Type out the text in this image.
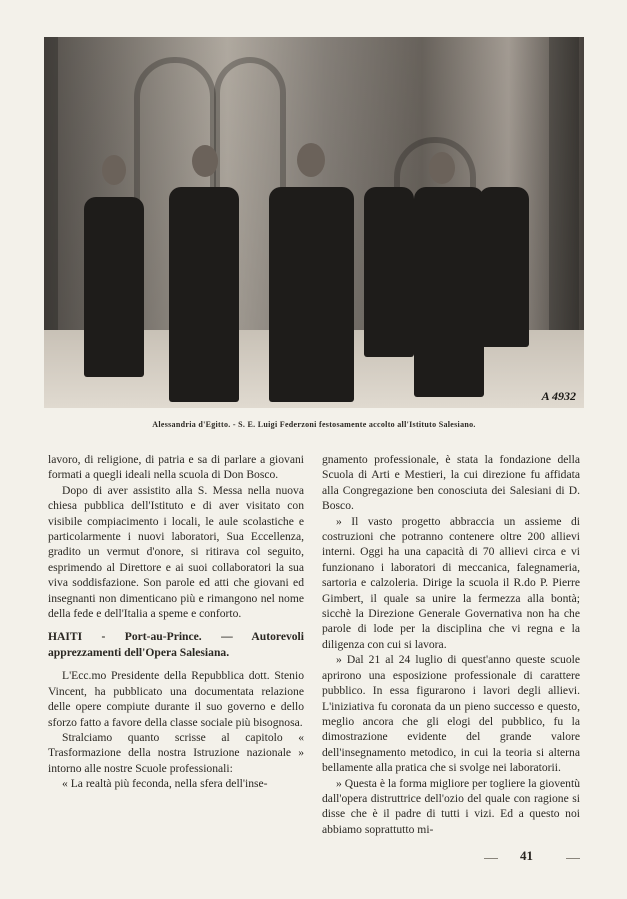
A 4932
Alessandria d'Egitto. - S. E. Luigi Federzoni festosamente accolto all'Istituto Salesiano.

lavoro, di religione, di patria e sa di parlare a giovani formati a quegli ideali nella scuola di Don Bosco.

Dopo di aver assistito alla S. Messa nella nuova chiesa pubblica dell'Istituto e di aver visitato con visibile compiacimento i locali, le aule scolastiche e particolarmente i nuovi laboratori, Sua Eccellenza, gradito un vermut d'onore, si ritirava col seguito, esprimendo al Direttore e ai suoi collaboratori la sua viva soddisfazione. Son parole ed atti che giovani ed insegnanti non dimenticano più e rimangono nel nome della fede e dell'Italia a speme e conforto.

HAITI - Port-au-Prince. — Autorevoli apprezzamenti dell'Opera Salesiana.

L'Ecc.mo Presidente della Repubblica dott. Stenio Vincent, ha pubblicato una documentata relazione delle opere compiute durante il suo governo e dello sforzo fatto a favore della classe sociale più bisognosa.

Stralciamo quanto scrisse al capitolo « Trasformazione della nostra Istruzione nazionale » intorno alle nostre Scuole professionali:

« La realtà più feconda, nella sfera dell'inse-

gnamento professionale, è stata la fondazione della Scuola di Arti e Mestieri, la cui direzione fu affidata alla Congregazione ben conosciuta dei Salesiani di D. Bosco.

» Il vasto progetto abbraccia un assieme di costruzioni che potranno contenere oltre 200 allievi interni. Oggi ha una capacità di 70 allievi circa e vi funzionano i laboratori di meccanica, falegnameria, sartoria e calzoleria. Dirige la scuola il R.do P. Pierre Gimbert, il quale sa unire la fermezza alla bontà; sicchè la Direzione Generale Governativa non ha che parole di lode per la disciplina che vi regna e la diligenza con cui si lavora.

» Dal 21 al 24 luglio di quest'anno queste scuole aprirono una esposizione professionale di carattere pubblico. In essa figurarono i lavori degli allievi. L'iniziativa fu coronata da un pieno successo e questo, meglio ancora che gli elogi del pubblico, fu la dimostrazione evidente del grande valore dell'insegnamento metodico, in cui la teoria si alterna bellamente alla pratica che si svolge nei laboratorii.

» Questa è la forma migliore per togliere la gioventù dall'opera distruttrice dell'ozio del quale con ragione si disse che è il padre di tutti i vizi. Ed a questo noi abbiamo soprattutto mi-

41
